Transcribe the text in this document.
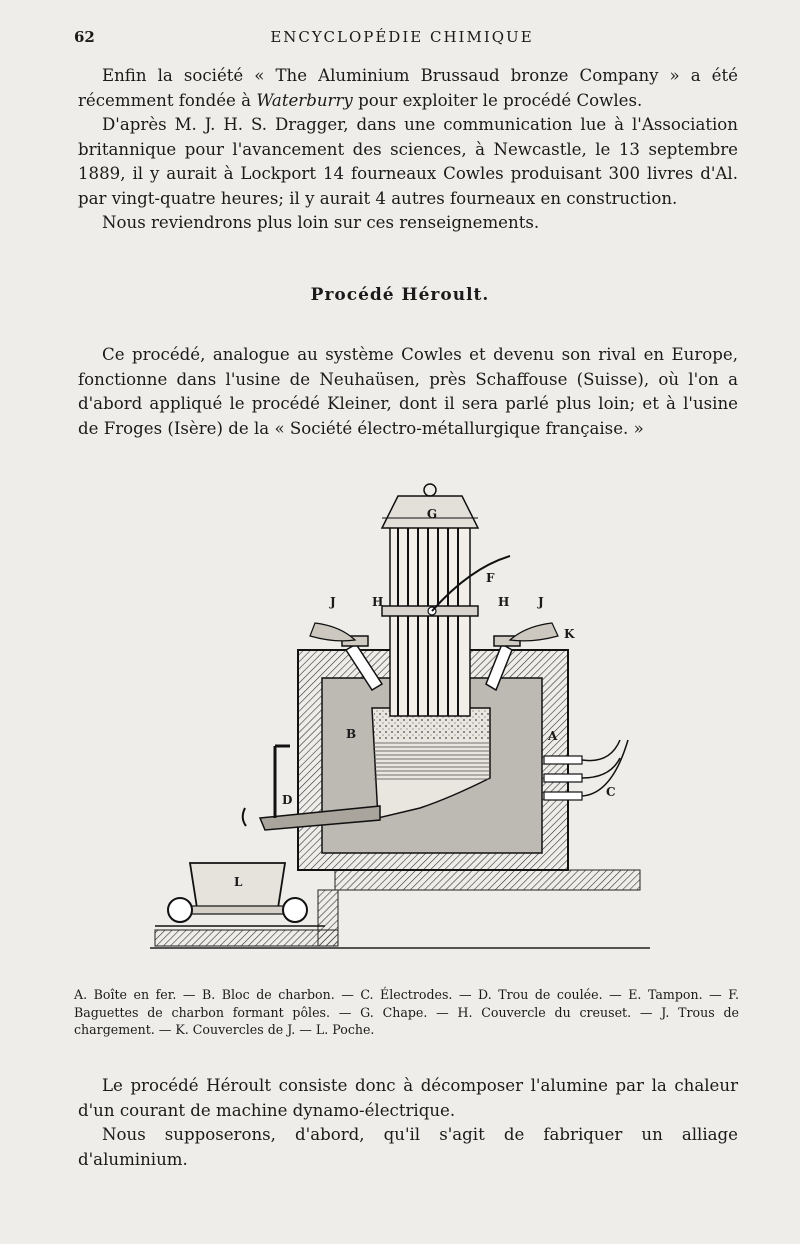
62	ENCYCLOPÉDIE CHIMIQUE

Enfin la société « The Aluminium Brussaud bronze Company » a été récemment fondée à Waterburry pour exploiter le procédé Cowles.

D'après M. J. H. S. Dragger, dans une communication lue à l'Association britannique pour l'avancement des sciences, à Newcastle, le 13 septembre 1889, il y aurait à Lockport 14 fourneaux Cowles produisant 300 livres d'Al. par vingt-quatre heures; il y aurait 4 autres fourneaux en construction.

Nous reviendrons plus loin sur ces renseignements.

Procédé Héroult.

Ce procédé, analogue au système Cowles et devenu son rival en Europe, fonctionne dans l'usine de Neuhaüsen, près Schaffouse (Suisse), où l'on a d'abord appliqué le procédé Kleiner, dont il sera parlé plus loin; et à l'usine de Froges (Isère) de la « Société électro-métallurgique française. »

G
F
J	H	H J
K
B	A
C
D
L
A. Boîte en fer. — B. Bloc de charbon. — C. Électrodes. — D. Trou de coulée. — E. Tampon. — F. Baguettes de charbon formant pôles. — G. Chape. — H. Couvercle du creuset. — J. Trous de chargement. — K. Couvercles de J. — L. Poche.

Le procédé Héroult consiste donc à décomposer l'alumine par la chaleur d'un courant de machine dynamo-électrique.

Nous supposerons, d'abord, qu'il s'agit de fabriquer un alliage d'aluminium.
